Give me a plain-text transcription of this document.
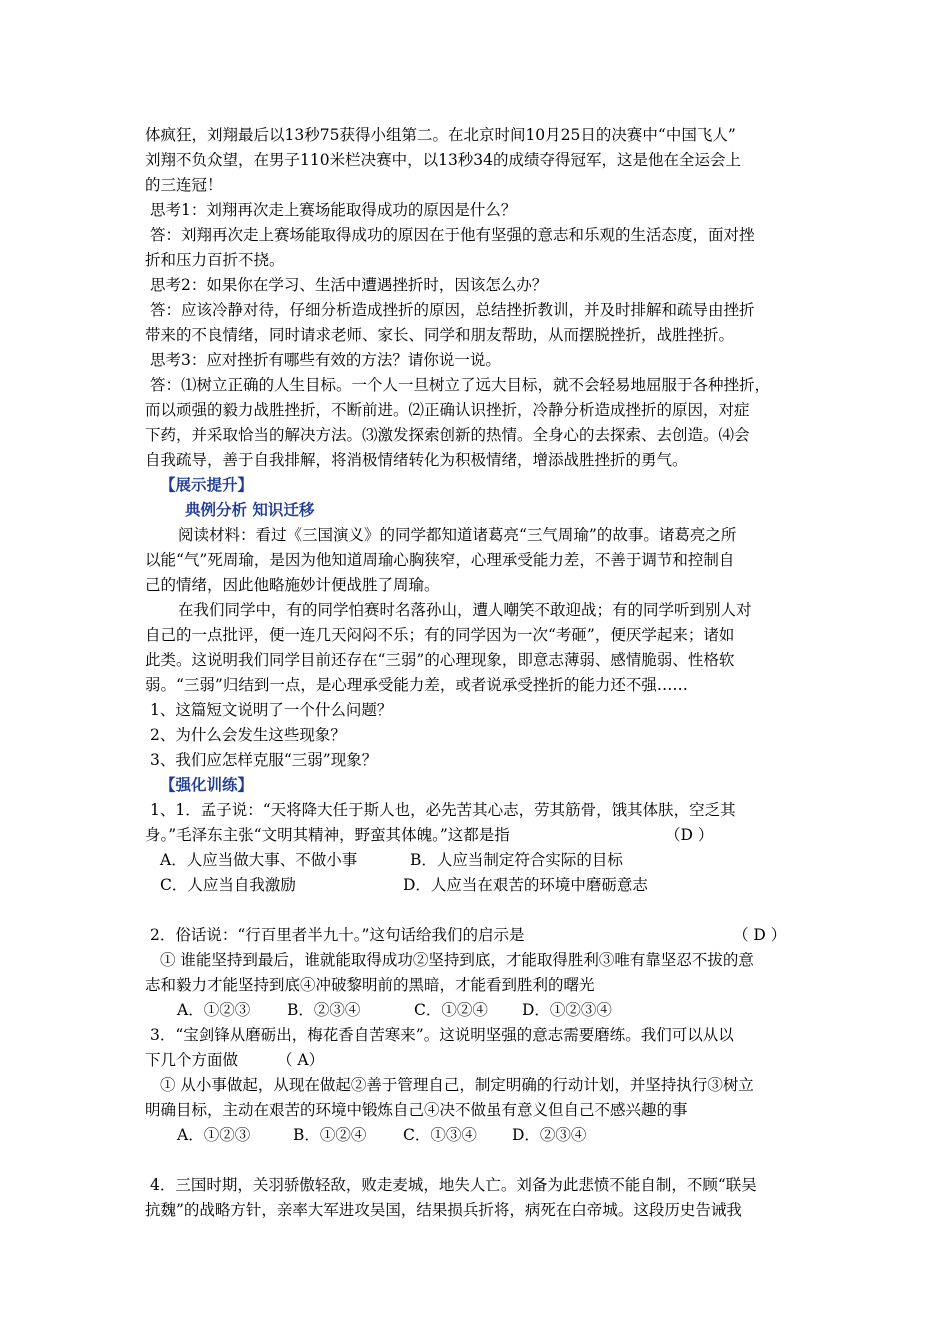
体疯狂，刘翔最后以13秒75获得小组第二。在北京时间10月25日的决赛中“中国飞人”
刘翔不负众望，在男子110米栏决赛中，以13秒34的成绩夺得冠军，这是他在全运会上
的三连冠！
思考1：刘翔再次走上赛场能取得成功的原因是什么？
答：刘翔再次走上赛场能取得成功的原因在于他有坚强的意志和乐观的生活态度，面对挫
折和压力百折不挠。
思考2：如果你在学习、生活中遭遇挫折时，因该怎么办？
答：应该冷静对待，仔细分析造成挫折的原因，总结挫折教训，并及时排解和疏导由挫折
带来的不良情绪，同时请求老师、家长、同学和朋友帮助，从而摆脱挫折，战胜挫折。
思考3：应对挫折有哪些有效的方法？请你说一说。
答：⑴树立正确的人生目标。一个人一旦树立了远大目标，就不会轻易地屈服于各种挫折，
而以顽强的毅力战胜挫折，不断前进。⑵正确认识挫折，冷静分析造成挫折的原因，对症
下药，并采取恰当的解决方法。⑶激发探索创新的热情。全身心的去探索、去创造。⑷会
自我疏导，善于自我排解，将消极情绪转化为积极情绪，增添战胜挫折的勇气。
【展示提升】
典例分析 知识迁移
阅读材料：看过《三国演义》的同学都知道诸葛亮“三气周瑜”的故事。诸葛亮之所
以能“气”死周瑜，是因为他知道周瑜心胸狭窄，心理承受能力差，不善于调节和控制自
己的情绪，因此他略施妙计便战胜了周瑜。
在我们同学中，有的同学怕赛时名落孙山，遭人嘲笑不敢迎战；有的同学听到别人对
自己的一点批评，便一连几天闷闷不乐；有的同学因为一次“考砸”，便厌学起来；诸如
此类。这说明我们同学目前还存在“三弱”的心理现象，即意志薄弱、感情脆弱、性格软
弱。“三弱”归结到一点，是心理承受能力差，或者说承受挫折的能力还不强……
1、这篇短文说明了一个什么问题？
2、为什么会发生这些现象？
3、我们应怎样克服“三弱”现象？
【强化训练】
1、1．孟子说：“天将降大任于斯人也，必先苦其心志，劳其筋骨，饿其体肤，空乏其
身。”毛泽东主张“文明其精神，野蛮其体魄。”这都是指	（D ）
A．人应当做大事、不做小事	B．人应当制定符合实际的目标
C．人应当自我激励	D．人应当在艰苦的环境中磨砺意志
2．俗话说：“行百里者半九十。”这句话给我们的启示是	（ D ）
① 谁能坚持到最后，谁就能取得成功②坚持到底，才能取得胜利③唯有靠坚忍不拔的意
志和毅力才能坚持到底④冲破黎明前的黑暗，才能看到胜利的曙光
A．①②③ B．②③④	C．①②④ D．①②③④
3．“宝剑锋从磨砺出，梅花香自苦寒来”。这说明坚强的意志需要磨练。我们可以从以
下几个方面做	（ A）
① 从小事做起，从现在做起②善于管理自己，制定明确的行动计划，并坚持执行③树立
明确目标，主动在艰苦的环境中锻炼自己④决不做虽有意义但自己不感兴趣的事
A．①②③	B．①②④ C．①③④ D．②③④
4．三国时期，关羽骄傲轻敌，败走麦城，地失人亡。刘备为此悲愤不能自制，不顾“联吴
抗魏”的战略方针，亲率大军进攻吴国，结果损兵折将，病死在白帝城。这段历史告诫我
